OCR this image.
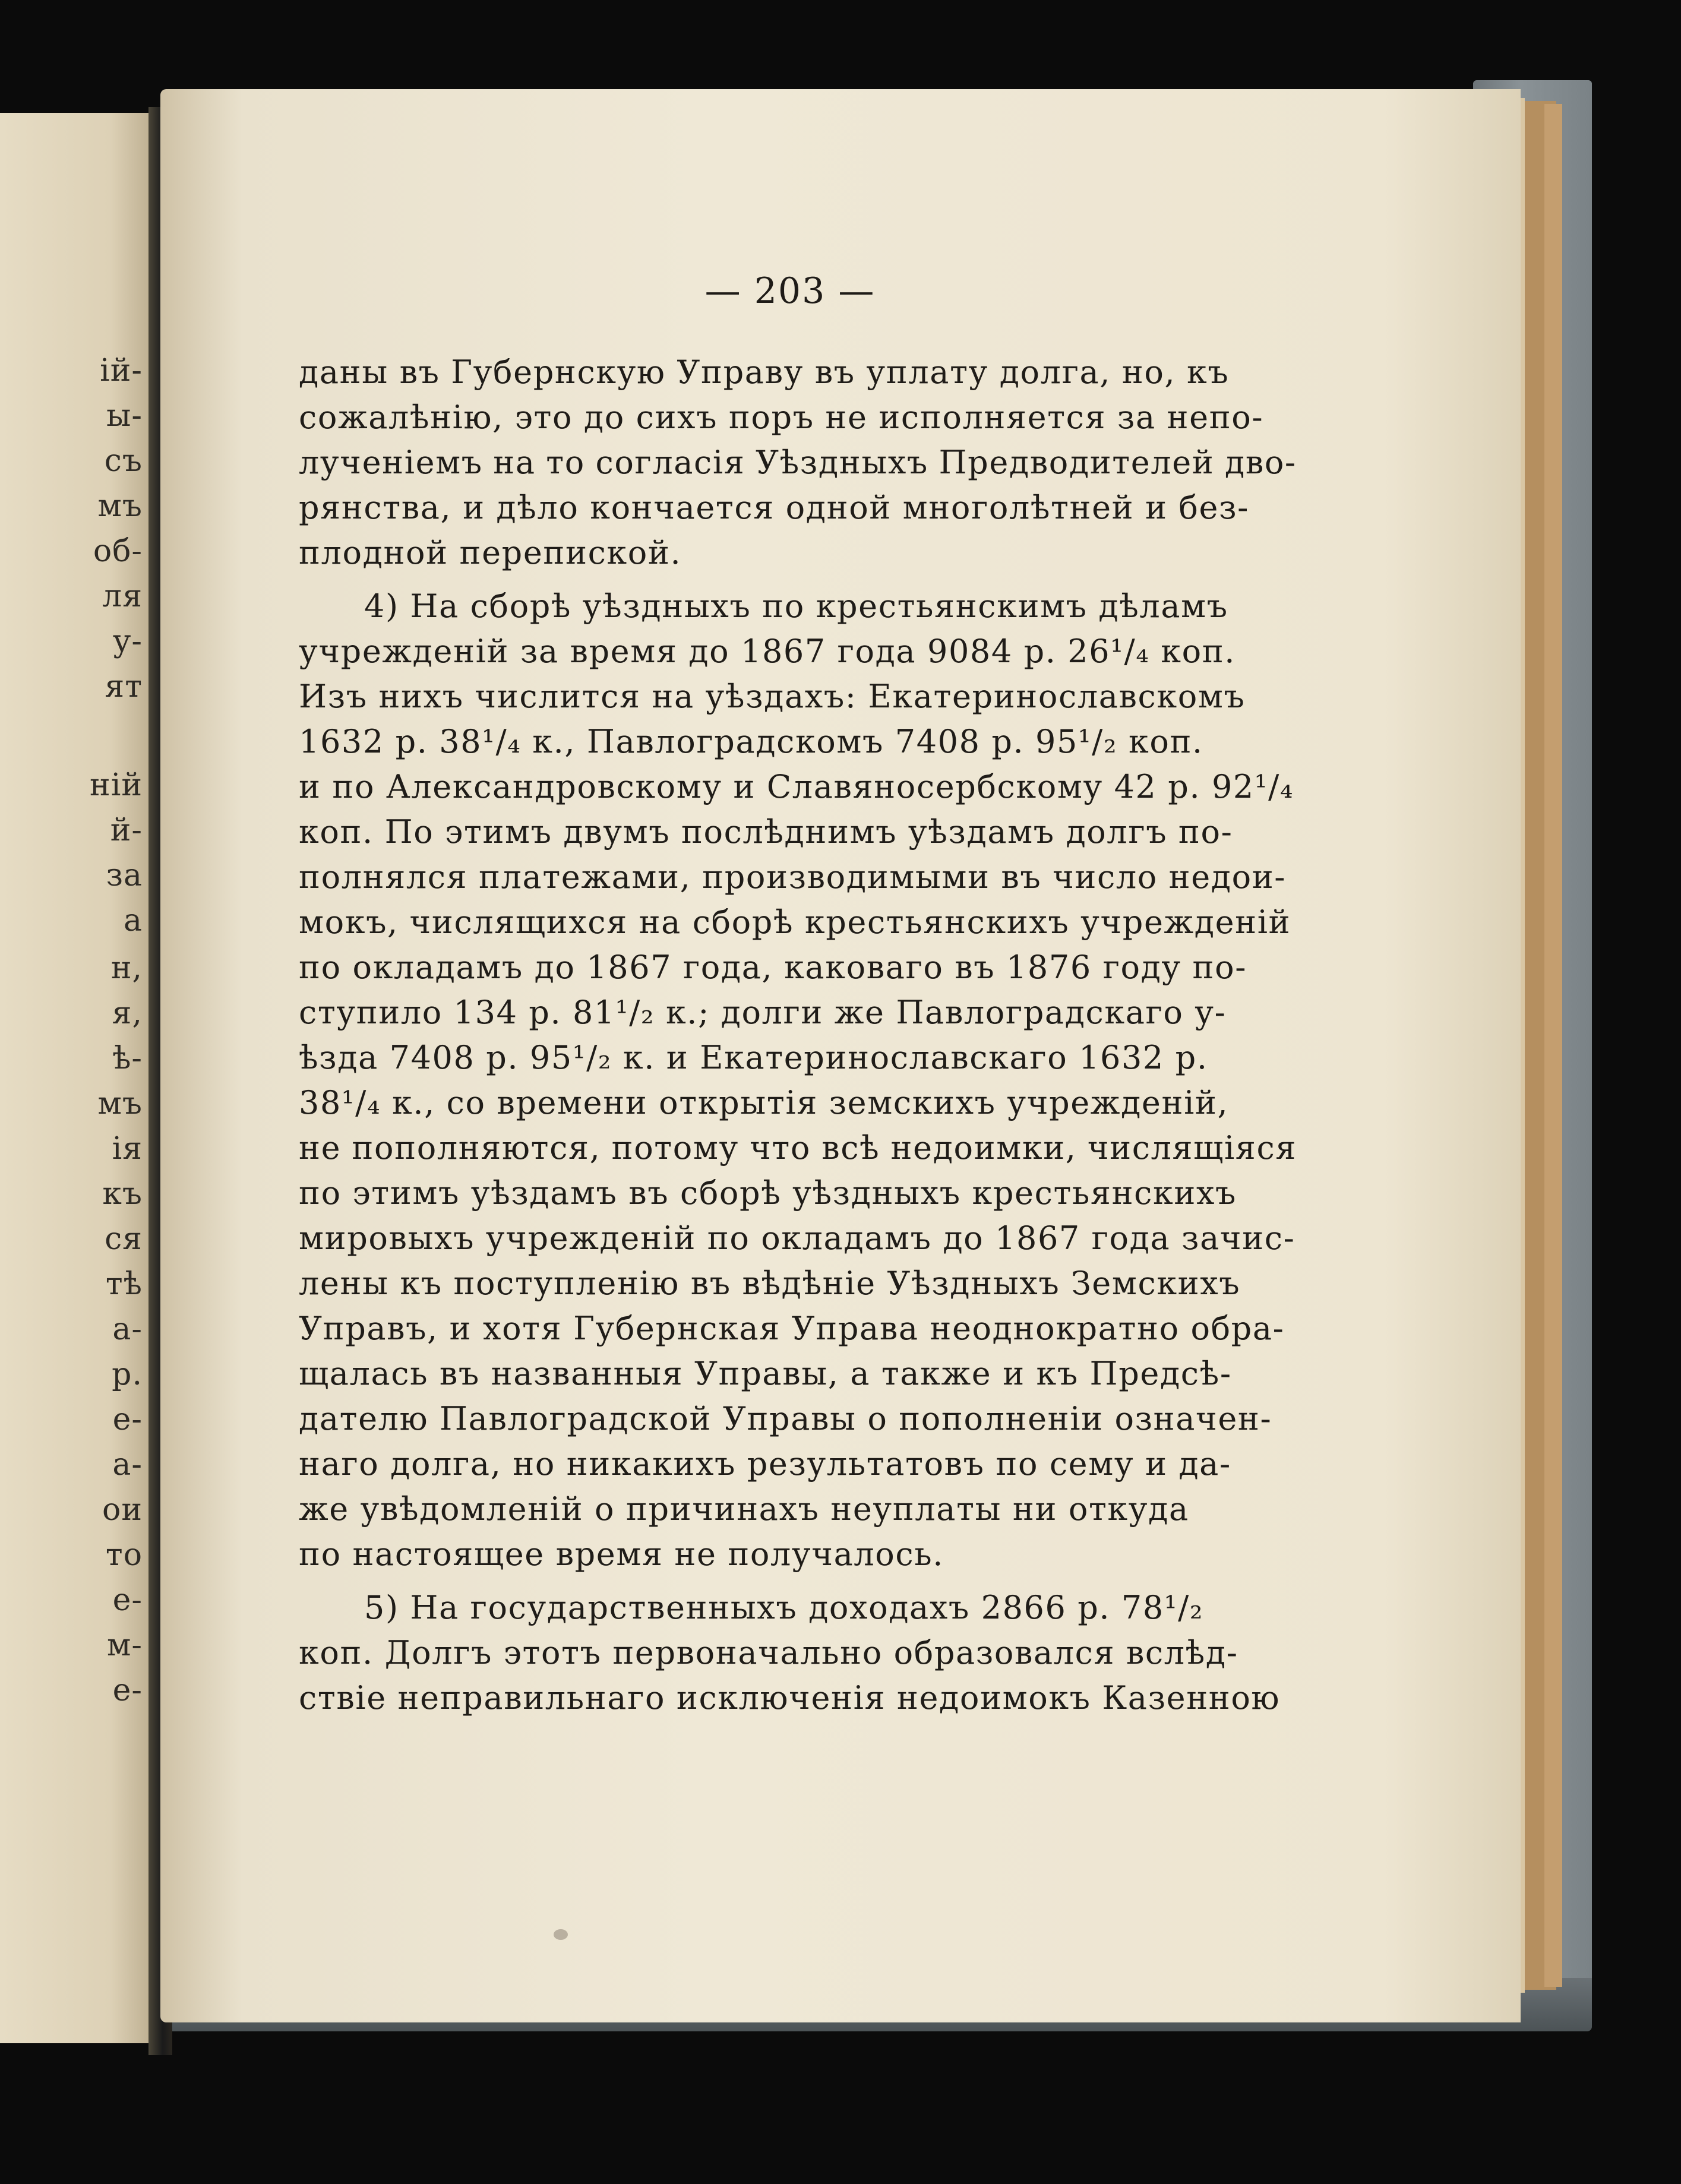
ій-
ы-
съ
мъ
об-
ля
у-
ят
ній
й-
за
а
н,
я,
ѣ-
мъ
ія
къ
ся
тѣ
а-
р.
е-
а-
ои
то
е-
м-
е-
— 203 —
даны въ Губернскую Управу въ уплату долга, но, къ
сожалѣнію, это до сихъ поръ не исполняется за непо-
лученіемъ на то согласія Уѣздныхъ Предводителей дво-
рянства, и дѣло кончается одной многолѣтней и без-
плодной перепиской.
4) На сборѣ уѣздныхъ по крестьянскимъ дѣламъ
учрежденій за время до 1867 года 9084 р. 26¹/₄ коп.
Изъ нихъ числится на уѣздахъ: Екатеринославскомъ
1632 р. 38¹/₄ к., Павлоградскомъ 7408 р. 95¹/₂ коп.
и по Александровскому и Славяносербскому 42 р. 92¹/₄
коп. По этимъ двумъ послѣднимъ уѣздамъ долгъ по-
полнялся платежами, производимыми въ число недои-
мокъ, числящихся на сборѣ крестьянскихъ учрежденій
по окладамъ до 1867 года, каковаго въ 1876 году по-
ступило 134 р. 81¹/₂ к.; долги же Павлоградскаго у-
ѣзда 7408 р. 95¹/₂ к. и Екатеринославскаго 1632 р.
38¹/₄ к., со времени открытія земскихъ учрежденій,
не пополняются, потому что всѣ недоимки, числящіяся
по этимъ уѣздамъ въ сборѣ уѣздныхъ крестьянскихъ
мировыхъ учрежденій по окладамъ до 1867 года зачис-
лены къ поступленію въ вѣдѣніе Уѣздныхъ Земскихъ
Управъ, и хотя Губернская Управа неоднократно обра-
щалась въ названныя Управы, а также и къ Предсѣ-
дателю Павлоградской Управы о пополненіи означен-
наго долга, но никакихъ результатовъ по сему и да-
же увѣдомленій о причинахъ неуплаты ни откуда
по настоящее время не получалось.
5) На государственныхъ доходахъ 2866 р. 78¹/₂
коп. Долгъ этотъ первоначально образовался вслѣд-
ствіе неправильнаго исключенія недоимокъ Казенною
